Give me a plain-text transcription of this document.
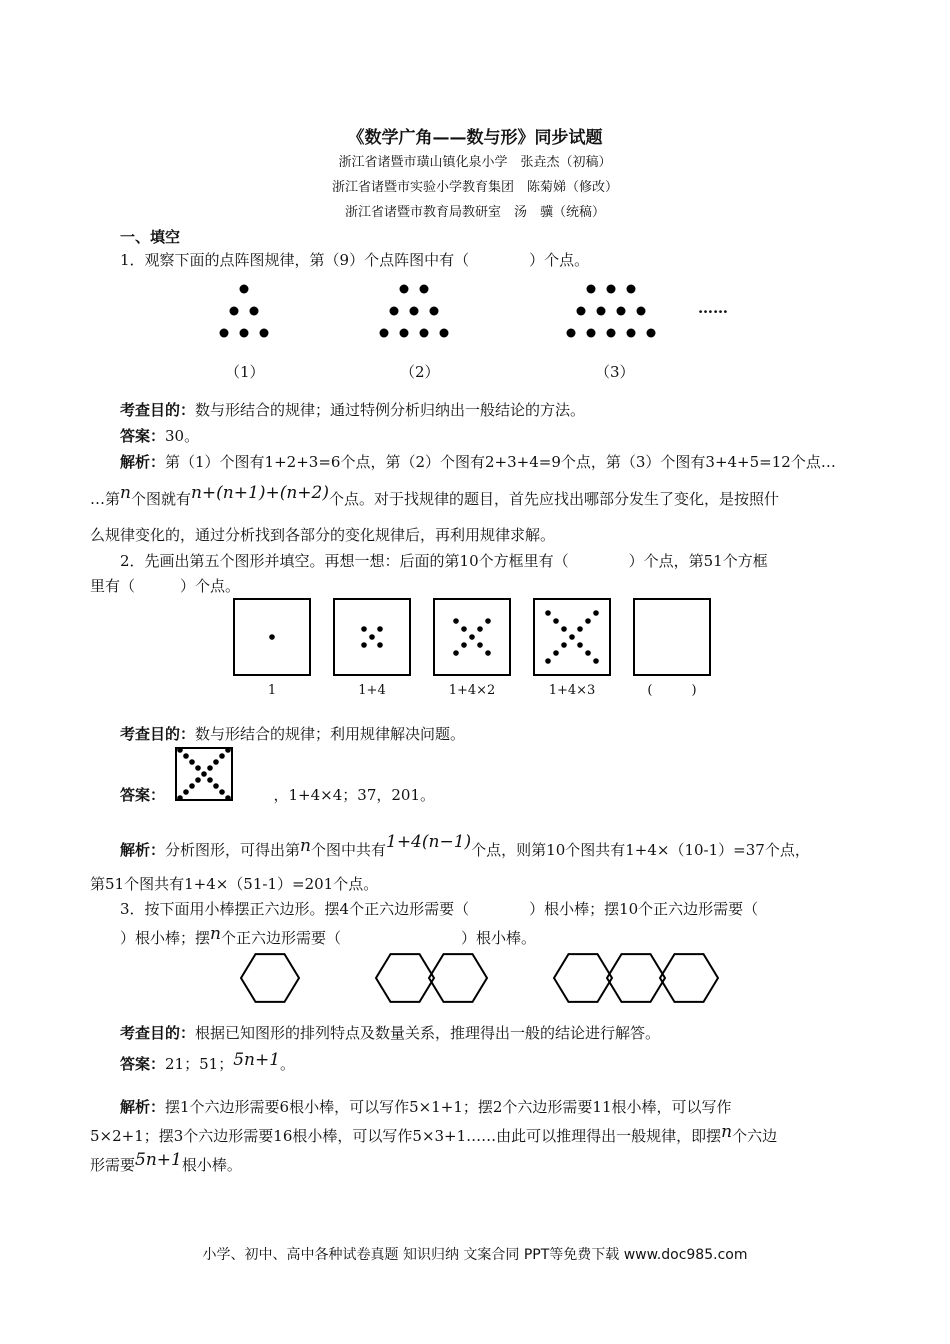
《数学广角——数与形》同步试题
浙江省诸暨市璜山镇化泉小学　张垚杰（初稿）
浙江省诸暨市实验小学教育集团　陈菊娣（修改）
浙江省诸暨市教育局教研室　汤　骥（统稿）
一、填空
1．观察下面的点阵图规律，第（9）个点阵图中有（　　　　）个点。
（1）	（2）	（3）
……
考查目的：数与形结合的规律；通过特例分析归纳出一般结论的方法。
答案：30。
解析：第（1）个图有1+2+3=6个点，第（2）个图有2+3+4=9个点，第（3）个图有3+4+5=12个点…
…第n个图就有n+(n+1)+(n+2)个点。对于找规律的题目，首先应找出哪部分发生了变化，是按照什
么规律变化的，通过分析找到各部分的变化规律后，再利用规律求解。
2．先画出第五个图形并填空。再想一想：后面的第10个方框里有（　　　　）个点，第51个方框
里有（　　　）个点。
1	1+4	1+4×2	1+4×3	(　　　)
考查目的：数与形结合的规律；利用规律解决问题。
答案：	，1+4×4；37，201。
解析：分析图形，可得出第n个图中共有1+4(n−1)个点，则第10个图共有1+4×（10-1）=37个点，
第51个图共有1+4×（51-1）=201个点。
3．按下面用小棒摆正六边形。摆4个正六边形需要（　　　　）根小棒；摆10个正六边形需要（
）根小棒；摆n个正六边形需要（　　　　　　　　）根小棒。
考查目的：根据已知图形的排列特点及数量关系，推理得出一般的结论进行解答。
答案：21；51；5n+1。
解析：摆1个六边形需要6根小棒，可以写作5×1+1；摆2个六边形需要11根小棒，可以写作
5×2+1；摆3个六边形需要16根小棒，可以写作5×3+1……由此可以推理得出一般规律，即摆n个六边
形需要5n+1根小棒。
小学、初中、高中各种试卷真题 知识归纳 文案合同 PPT等免费下载 www.doc985.com
